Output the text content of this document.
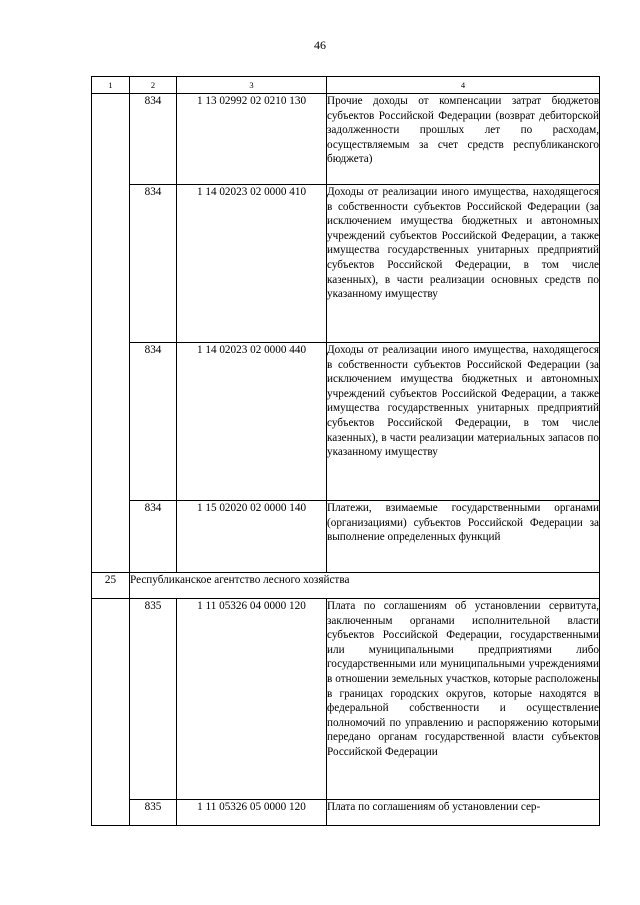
46
1	2	3	4
	834	1 13 02992 02 0210 130	Прочие доходы от компенсации затрат бюджетов субъектов Российской Федерации (возврат дебиторской задолженности прошлых лет по расходам, осуществляемым за счет средств республиканского бюджета)
	834	1 14 02023 02 0000 410	Доходы от реализации иного имущества, находящегося в собственности субъектов Российской Федерации (за исключением имущества бюджетных и автономных учреждений субъектов Российской Федерации, а также имущества государственных унитарных предприятий субъектов Российской Федерации, в том числе казенных), в части реализации основных средств по указанному имуществу
	834	1 14 02023 02 0000 440	Доходы от реализации иного имущества, находящегося в собственности субъектов Российской Федерации (за исключением имущества бюджетных и автономных учреждений субъектов Российской Федерации, а также имущества государственных унитарных предприятий субъектов Российской Федерации, в том числе казенных), в части реализации материальных запасов по указанному имуществу
	834	1 15 02020 02 0000 140	Платежи, взимаемые государственными органами (организациями) субъектов Российской Федерации за выполнение определенных функций
25	Республиканское агентство лесного хозяйства		
	835	1 11 05326 04 0000 120	Плата по соглашениям об установлении сервитута, заключенным органами исполнительной власти субъектов Российской Федерации, государственными или муниципальными предприятиями либо государственными или муниципальными учреждениями в отношении земельных участков, которые расположены в границах городских округов, которые находятся в федеральной собственности и осуществление полномочий по управлению и распоряжению которыми передано органам государственной власти субъектов Российской Федерации
	835	1 11 05326 05 0000 120	Плата по соглашениям об установлении сер-
